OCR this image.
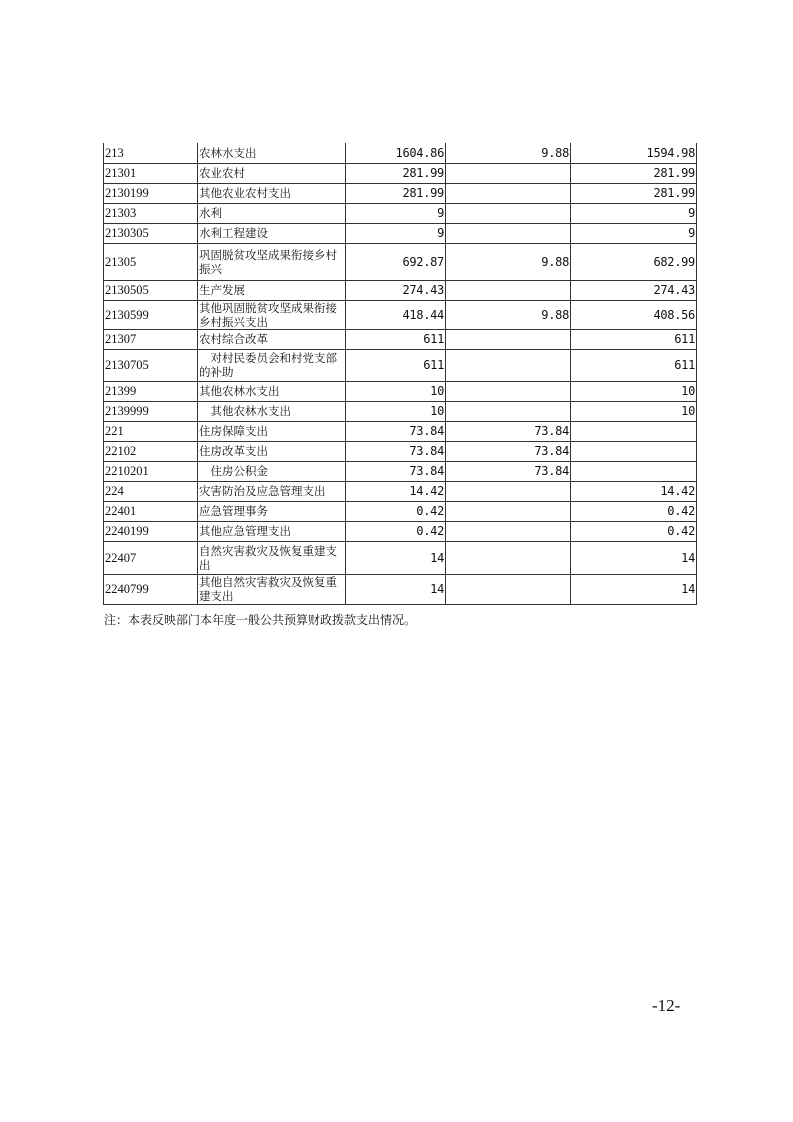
213	农林水支出	1604.86	9.88	1594.98
21301	农业农村	281.99		281.99
2130199	其他农业农村支出	281.99		281.99
21303	水利	9		9
2130305	水利工程建设	9		9
21305	巩固脱贫攻坚成果衔接乡村振兴	692.87	9.88	682.99
2130505	生产发展	274.43		274.43
2130599	其他巩固脱贫攻坚成果衔接乡村振兴支出	418.44	9.88	408.56
21307	农村综合改革	611		611
2130705	　对村民委员会和村党支部的补助	611		611
21399	其他农林水支出	10		10
2139999	　其他农林水支出	10		10
221	住房保障支出	73.84	73.84	
22102	住房改革支出	73.84	73.84	
2210201	　住房公积金	73.84	73.84	
224	灾害防治及应急管理支出	14.42		14.42
22401	应急管理事务	0.42		0.42
2240199	其他应急管理支出	0.42		0.42
22407	自然灾害救灾及恢复重建支出	14		14
2240799	其他自然灾害救灾及恢复重建支出	14		14
注：本表反映部门本年度一般公共预算财政拨款支出情况。
-12-
